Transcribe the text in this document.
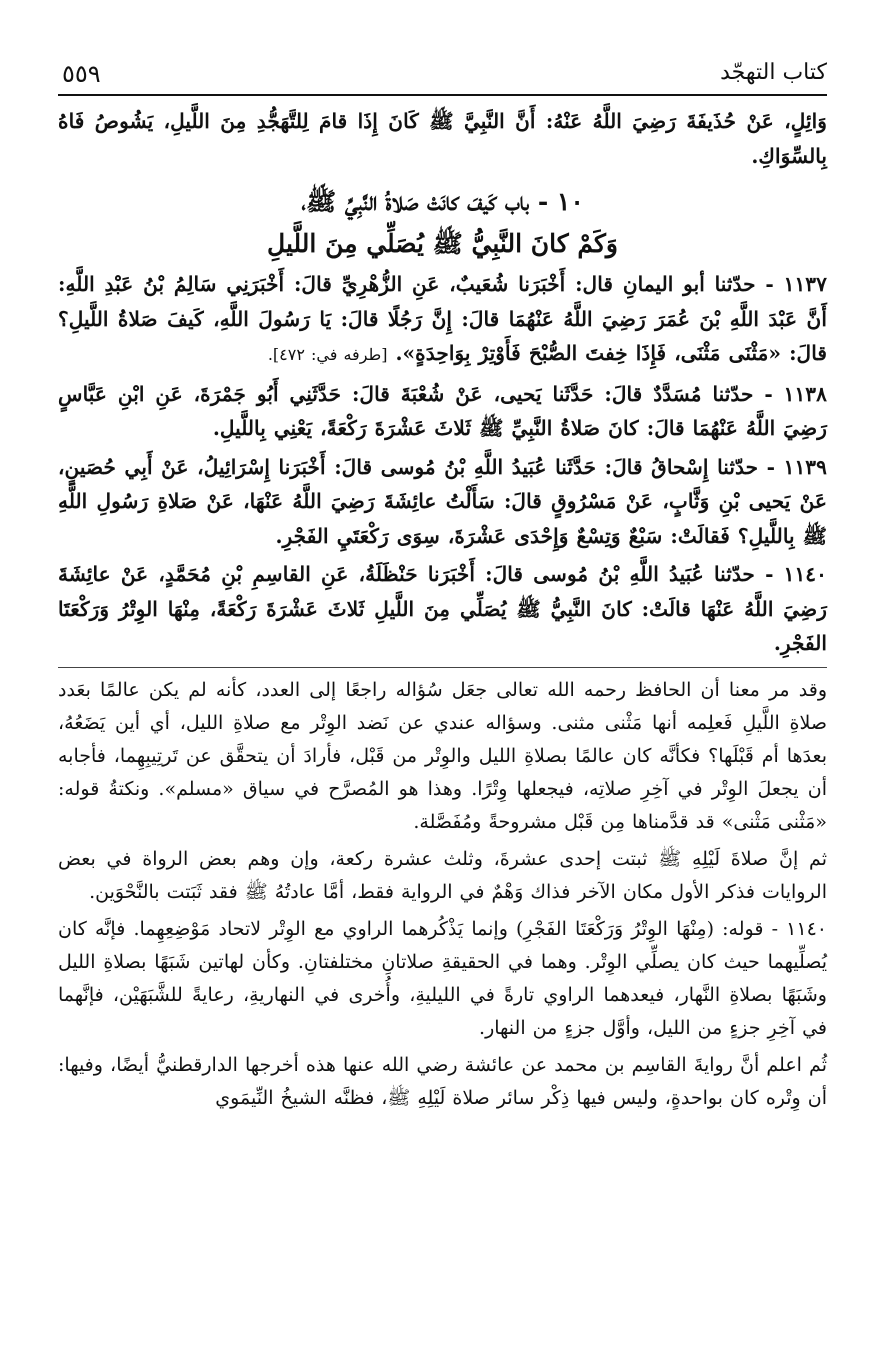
٥٥٩	كتاب التهجّد

وَائِلٍ، عَنْ حُذَيفَةَ رَضِيَ اللَّهُ عَنْهُ: أَنَّ النَّبِيَّ ﷺ كَانَ إِذَا قامَ لِلتَّهَجُّدِ مِنَ اللَّيلِ، يَشُوصُ فَاهُ بِالسِّوَاكِ.

١٠ - باب كَيفَ كانَتْ صَلاةُ النَّبِيِّ ﷺ،
وَكَمْ كانَ النَّبِيُّ ﷺ يُصَلِّي مِنَ اللَّيلِ

١١٣٧ - حدّثنا أبو اليمانِ قال: أَخْبَرَنا شُعَيبٌ، عَنِ الزُّهْرِيِّ قالَ: أَخْبَرَنِي سَالِمُ بْنُ عَبْدِ اللَّهِ: أَنَّ عَبْدَ اللَّهِ بْنَ عُمَرَ رَضِيَ اللَّهُ عَنْهُمَا قالَ: إِنَّ رَجُلًا قالَ: يَا رَسُولَ اللَّهِ، كَيفَ صَلاةُ اللَّيلِ؟ قالَ: «مَثْنَى مَثْنَى، فَإِذَا خِفتَ الصُّبْحَ فَأَوْتِرْ بِوَاحِدَةٍ». [طرفه في: ٤٧٢].

١١٣٨ - حدّثنا مُسَدَّدٌ قالَ: حَدَّثَنا يَحيى، عَنْ شُعْبَةَ قالَ: حَدَّثَنِي أَبُو جَمْرَةَ، عَنِ ابْنِ عَبَّاسٍ رَضِيَ اللَّهُ عَنْهُمَا قالَ: كانَ صَلاةُ النَّبِيِّ ﷺ ثَلاثَ عَشْرَةَ رَكْعَةً، يَعْنِي بِاللَّيلِ.

١١٣٩ - حدّثنا إِسْحاقُ قالَ: حَدَّثَنا عُبَيدُ اللَّهِ بْنُ مُوسى قالَ: أَخْبَرَنا إِسْرَائِيلُ، عَنْ أَبِي حُصَينٍ، عَنْ يَحيى بْنِ وَثَّابٍ، عَنْ مَسْرُوقٍ قالَ: سَأَلْتُ عائِشَةَ رَضِيَ اللَّهُ عَنْهَا، عَنْ صَلاةِ رَسُولِ اللَّهِ ﷺ بِاللَّيلِ؟ فَقالَتْ: سَبْعٌ وَتِسْعٌ وَإِحْدَى عَشْرَةَ، سِوَى رَكْعَتَيِ الفَجْرِ.

١١٤٠ - حدّثنا عُبَيدُ اللَّهِ بْنُ مُوسى قالَ: أَخْبَرَنا حَنْظَلَةُ، عَنِ القاسِمِ بْنِ مُحَمَّدٍ، عَنْ عائِشَةَ رَضِيَ اللَّهُ عَنْهَا قالَتْ: كانَ النَّبِيُّ ﷺ يُصَلِّي مِنَ اللَّيلِ ثَلاثَ عَشْرَةَ رَكْعَةً، مِنْهَا الوِتْرُ وَرَكْعَتَا الفَجْرِ.

وقد مر معنا أن الحافظ رحمه الله تعالى جعَل سُؤاله راجعًا إلى العدد، كأنه لم يكن عالمًا بعَدد صلاةِ اللَّيلِ فَعلِمه أنها مَثْنى مثنى. وسؤاله عندي عن نَضد الوِتْر مع صلاةِ الليل، أي أين يَضَعُهُ، بعدَها أم قَبْلَها؟ فكأنَّه كان عالمًا بصلاةِ الليل والوِتْر من قَبْل، فأرادَ أن يتحقَّق عن تَرتِيبِهِما، فأجابه أن يجعلَ الوِتْر في آخِرِ صلاتِه، فيجعلها وِتْرًا. وهذا هو المُصرَّح في سياق «مسلم». ونكتةُ قوله: «مَثْنى مَثْنى» قد قدَّمناها مِن قَبْل مشروحةً ومُفَصَّلة.

ثم إنَّ صلاةَ لَيْلِهِ ﷺ ثبتت إحدى عشرةَ، وثلث عشرة ركعة، وإن وهم بعض الرواة في بعض الروايات فذكر الأول مكان الآخر فذاك وَهْمٌ في الرواية فقط، أمَّا عادتُهُ ﷺ فقد ثَبَتت بالنَّحْوَين.

١١٤٠ - قوله: (مِنْهَا الوِتْرُ وَرَكْعَتَا الفَجْرِ) وإنما يَذْكُرهما الراوي مع الوِتْر لاتحاد مَوْضِعِهِما. فإنَّه كان يُصلِّيهما حيث كان يصلِّي الوِتْر. وهما في الحقيقةِ صلاتانِ مختلفتانِ. وكأن لهاتين شَبَهًا بصلاةِ الليل وشَبَهًا بصلاةِ النَّهار، فيعدهما الراوي تارةً في الليليةِ، وأُخرى في النهاريةِ، رعايةً للشَّبَهَيْن، فإنَّهما في آخِرِ جزءٍ من الليل، وأوَّل جزءٍ من النهار.

ثُم اعلم أنَّ روايةَ القاسِم بن محمد عن عائشة رضي الله عنها هذه أخرجها الدارقطنيُّ أيضًا، وفيها: أن وِتْره كان بواحدةٍ، وليس فيها ذِكْر سائر صلاة لَيْلِهِ ﷺ، فظنَّه الشيخُ النِّيمَوي
